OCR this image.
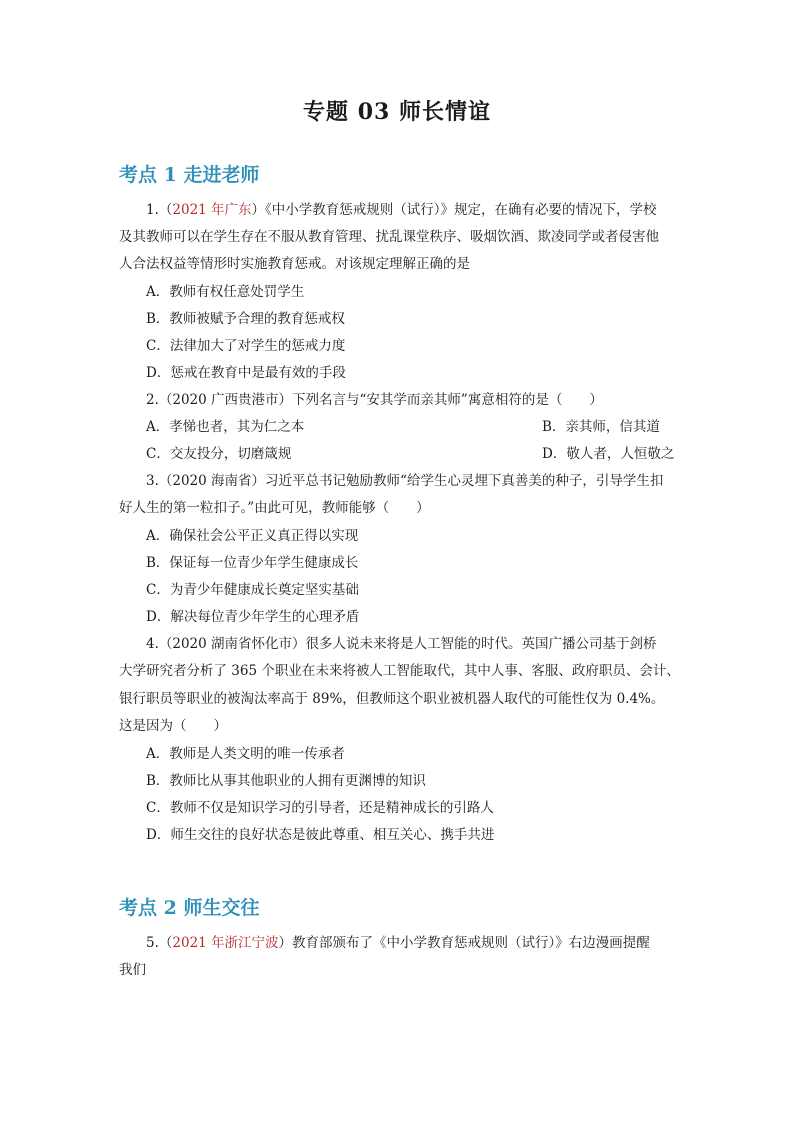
专题 03 师长情谊
考点 1 走进老师
1.（2021 年广东）《中小学教育惩戒规则（试行）》规定，在确有必要的情况下，学校
及其教师可以在学生存在不服从教育管理、扰乱课堂秩序、吸烟饮酒、欺凌同学或者侵害他
人合法权益等情形时实施教育惩戒。对该规定理解正确的是
A．教师有权任意处罚学生
B．教师被赋予合理的教育惩戒权
C．法律加大了对学生的惩戒力度
D．惩戒在教育中是最有效的手段
2.（2020 广西贵港市）下列名言与“安其学而亲其师”寓意相符的是（　　）
A．孝悌也者，其为仁之本	B．亲其师，信其道
C．交友投分，切磨箴规	D．敬人者，人恒敬之
3.（2020 海南省）习近平总书记勉励教师“给学生心灵埋下真善美的种子，引导学生扣
好人生的第一粒扣子。”由此可见，教师能够（　　）
A．确保社会公平正义真正得以实现
B．保证每一位青少年学生健康成长
C．为青少年健康成长奠定坚实基础
D．解决每位青少年学生的心理矛盾
4.（2020 湖南省怀化市）很多人说未来将是人工智能的时代。英国广播公司基于剑桥
大学研究者分析了 365 个职业在未来将被人工智能取代，其中人事、客服、政府职员、会计、
银行职员等职业的被淘汰率高于 89%，但教师这个职业被机器人取代的可能性仅为 0.4%。
这是因为（　　）
A．教师是人类文明的唯一传承者
B．教师比从事其他职业的人拥有更渊博的知识
C．教师不仅是知识学习的引导者，还是精神成长的引路人
D．师生交往的良好状态是彼此尊重、相互关心、携手共进
考点 2 师生交往
5.（2021 年浙江宁波）教育部颁布了《中小学教育惩戒规则（试行）》右边漫画提醒
我们
